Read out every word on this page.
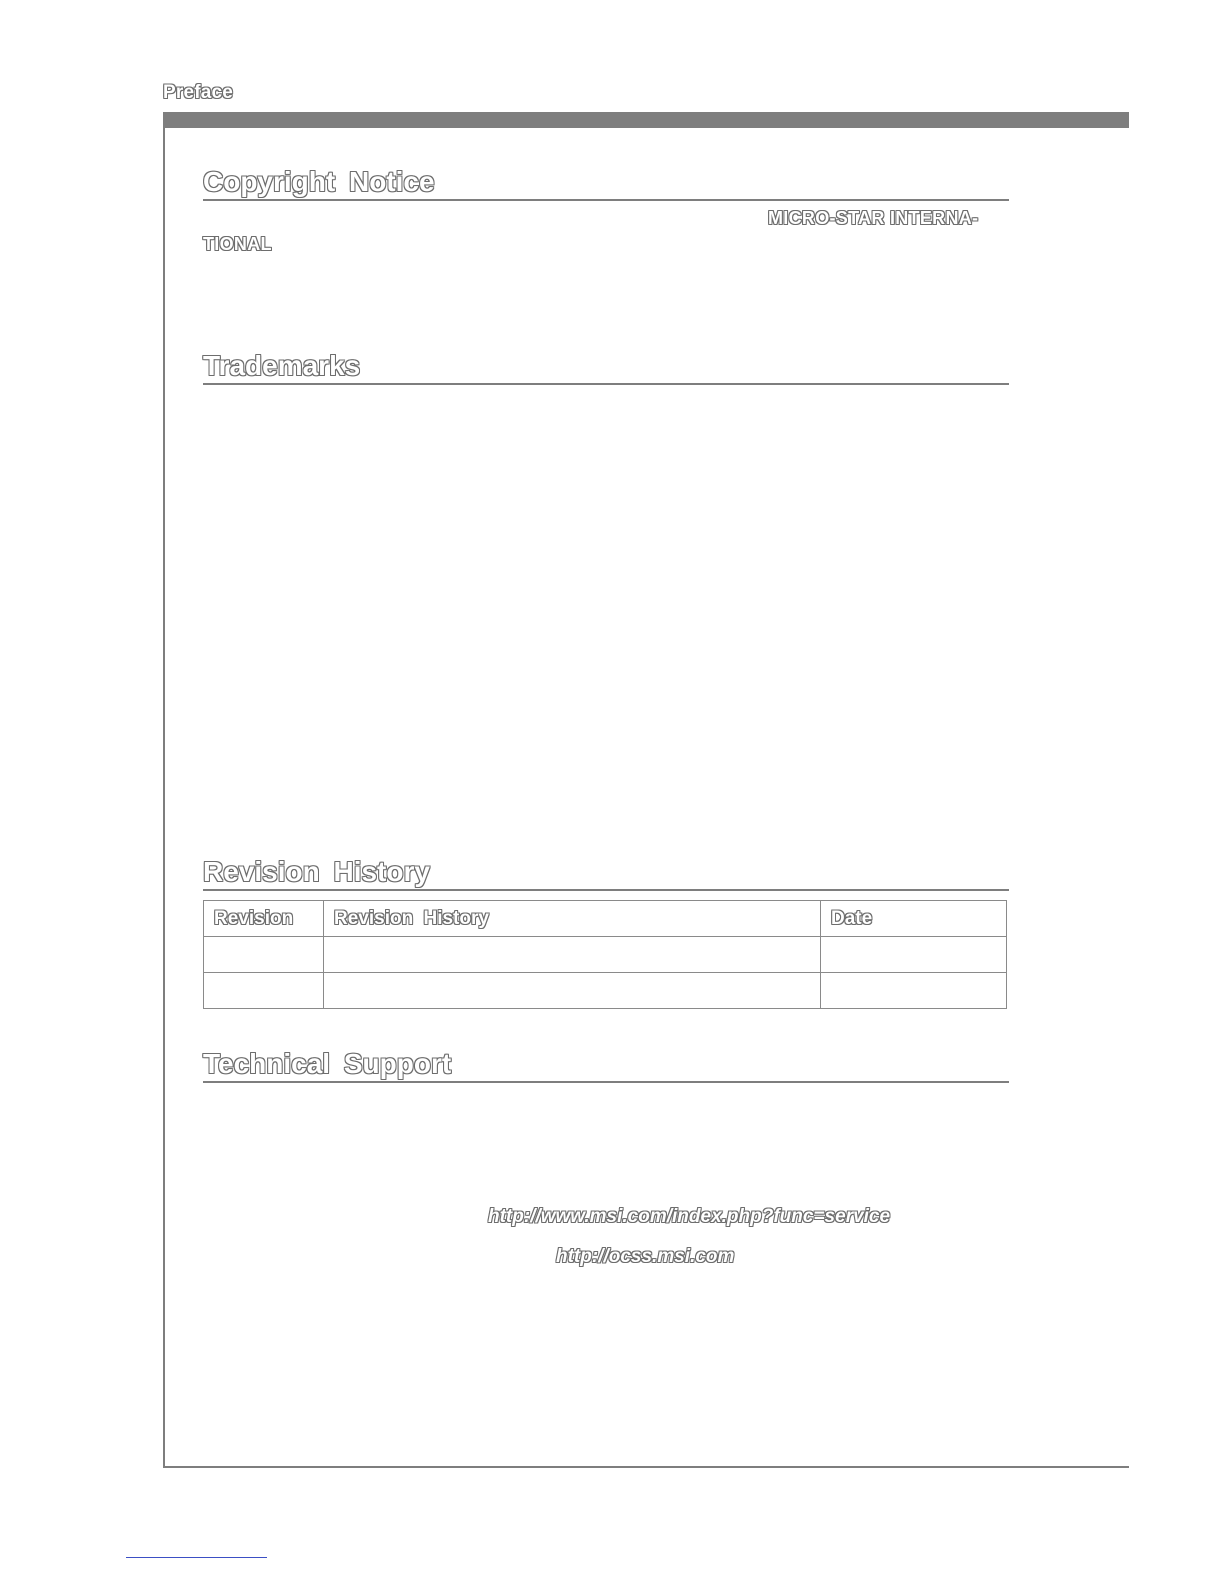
Preface
Copyright Notice
MICRO-STAR INTERNA-
TIONAL
Trademarks
Revision History
Revision	Revision History	Date

Technical Support
http://www.msi.com/index.php?func=service
http://ocss.msi.com
